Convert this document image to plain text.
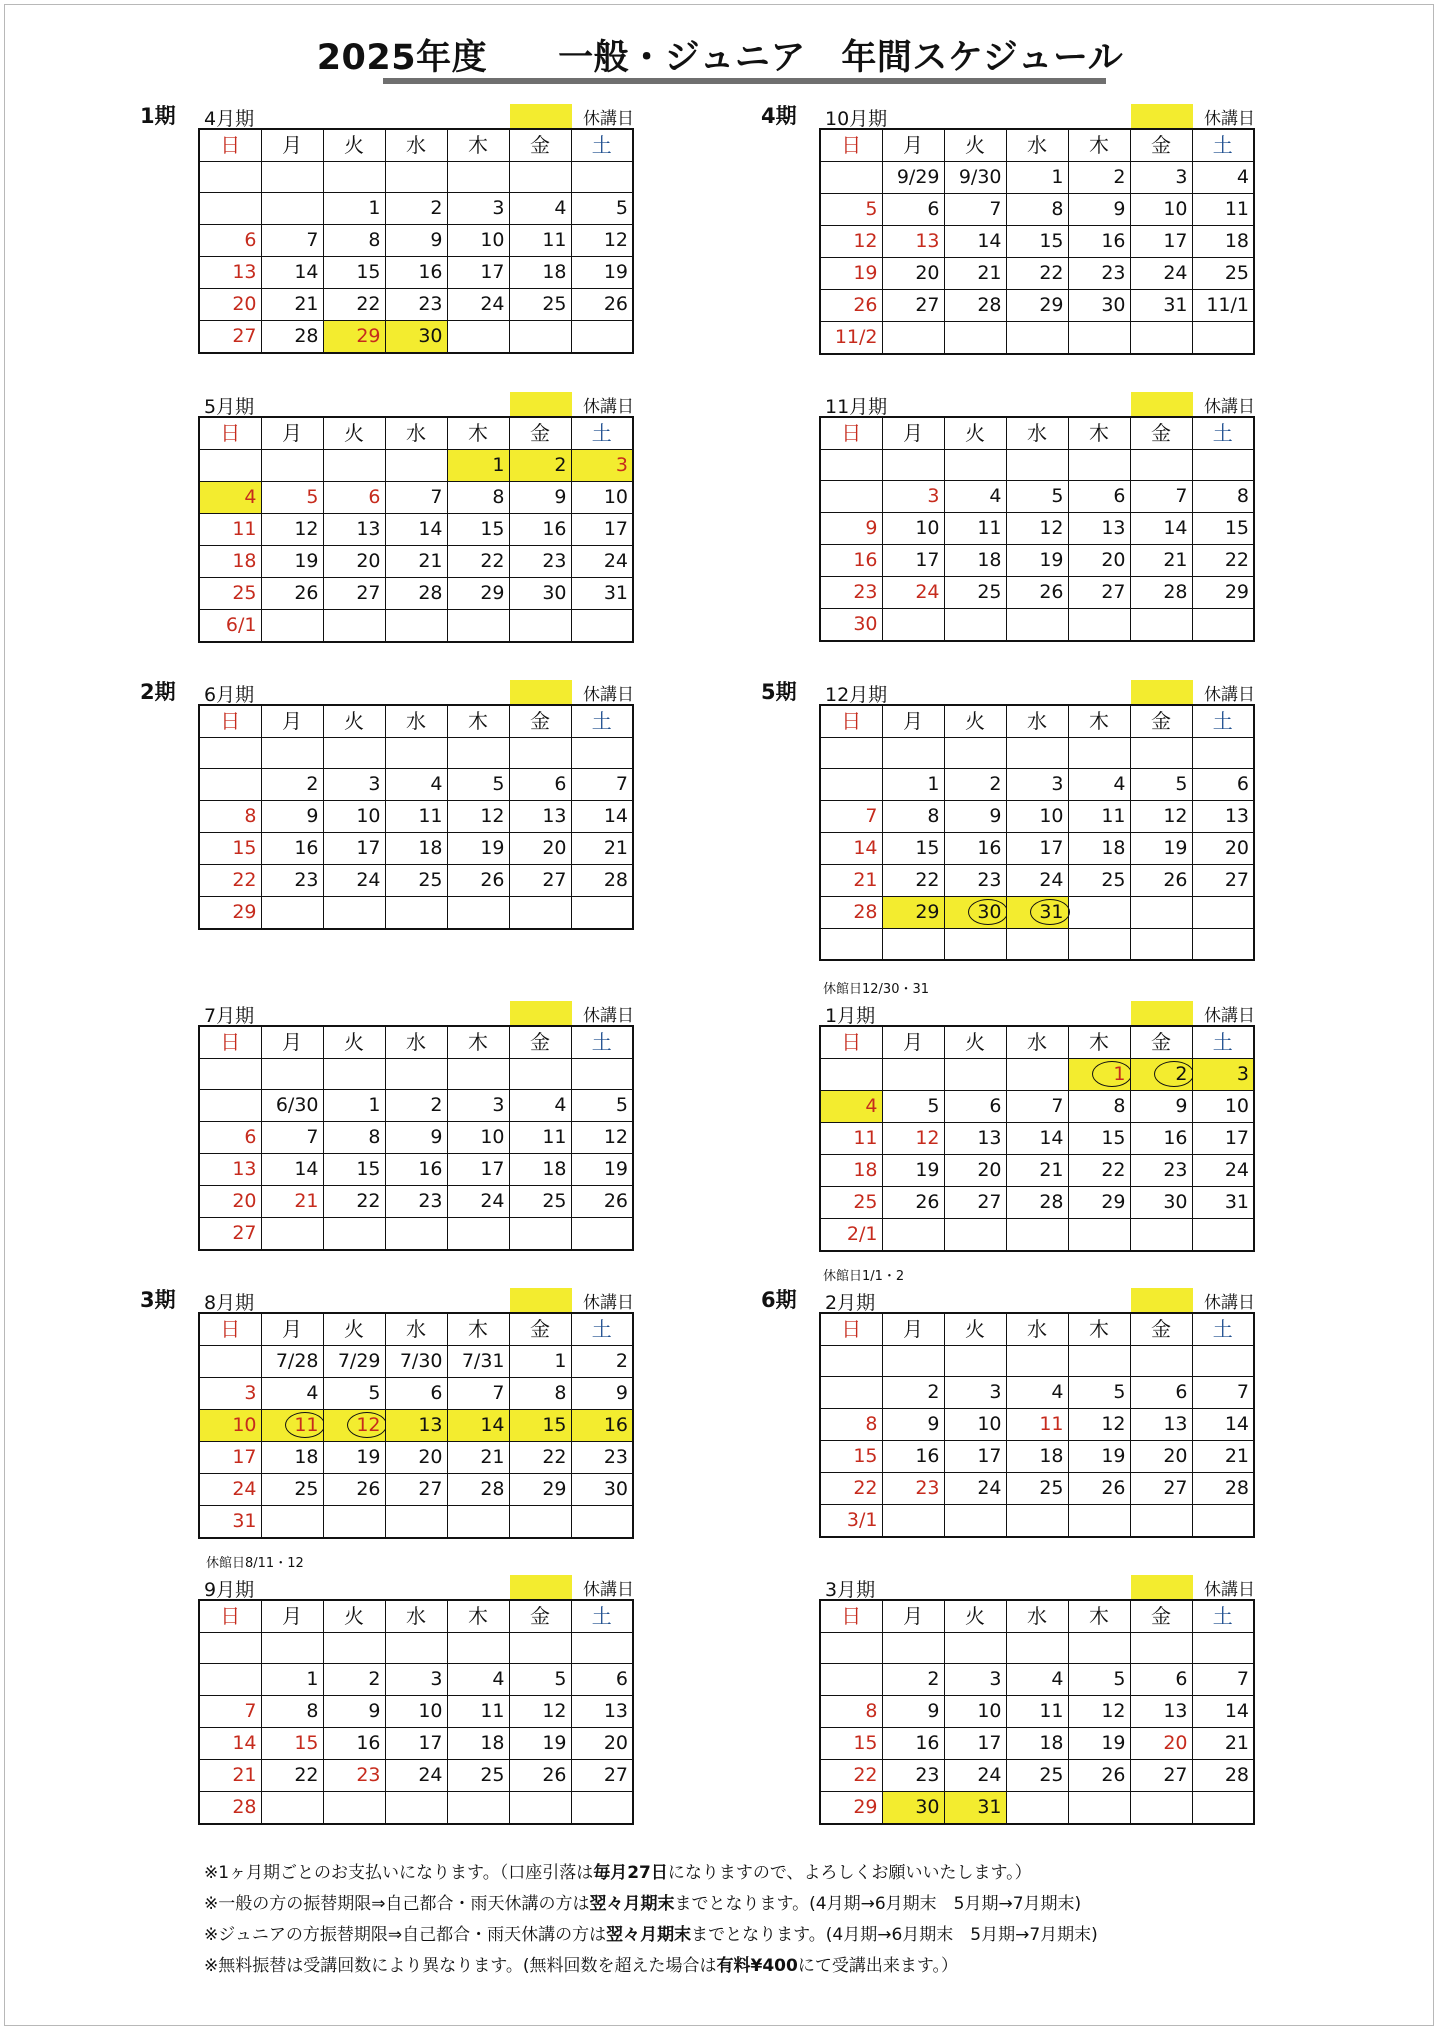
2025年度　　一般・ジュニア　年間スケジュール
1期 4月期	休講日
日	月	火	水	木	金	土

		1	2	3	4	5
6	7	8	9	10	11	12
13	14	15	16	17	18	19
20	21	22	23	24	25	26
27	28	29	30			
5月期	休講日
日	月	火	水	木	金	土
				1	2	3
4	5	6	7	8	9	10
11	12	13	14	15	16	17
18	19	20	21	22	23	24
25	26	27	28	29	30	31
6/1						
2期 6月期	休講日
日	月	火	水	木	金	土

	2	3	4	5	6	7
8	9	10	11	12	13	14
15	16	17	18	19	20	21
22	23	24	25	26	27	28
29						
7月期	休講日
日	月	火	水	木	金	土

	6/30	1	2	3	4	5
6	7	8	9	10	11	12
13	14	15	16	17	18	19
20	21	22	23	24	25	26
27						
3期 8月期	休講日
日	月	火	水	木	金	土
	7/28	7/29	7/30	7/31	1	2
3	4	5	6	7	8	9
10	11	12	13	14	15	16
17	18	19	20	21	22	23
24	25	26	27	28	29	30
31						
休館日8/11・12
9月期	休講日
日	月	火	水	木	金	土

	1	2	3	4	5	6
7	8	9	10	11	12	13
14	15	16	17	18	19	20
21	22	23	24	25	26	27
28						
4期 10月期	休講日
日	月	火	水	木	金	土
	9/29	9/30	1	2	3	4
5	6	7	8	9	10	11
12	13	14	15	16	17	18
19	20	21	22	23	24	25
26	27	28	29	30	31	11/1
11/2						
11月期	休講日
日	月	火	水	木	金	土

	3	4	5	6	7	8
9	10	11	12	13	14	15
16	17	18	19	20	21	22
23	24	25	26	27	28	29
30						
5期 12月期	休講日
日	月	火	水	木	金	土

	1	2	3	4	5	6
7	8	9	10	11	12	13
14	15	16	17	18	19	20
21	22	23	24	25	26	27
28	29	30	31

休館日12/30・31
1月期	休講日
日	月	火	水	木	金	土
				1	2	3
4	5	6	7	8	9	10
11	12	13	14	15	16	17
18	19	20	21	22	23	24
25	26	27	28	29	30	31
2/1						
休館日1/1・2
6期 2月期	休講日
日	月	火	水	木	金	土

	2	3	4	5	6	7
8	9	10	11	12	13	14
15	16	17	18	19	20	21
22	23	24	25	26	27	28
3/1						
3月期	休講日
日	月	火	水	木	金	土

	2	3	4	5	6	7
8	9	10	11	12	13	14
15	16	17	18	19	20	21
22	23	24	25	26	27	28
29	30	31				
※1ヶ月期ごとのお支払いになります。（口座引落は毎月27日になりますので、よろしくお願いいたします。）
※一般の方の振替期限⇒自己都合・雨天休講の方は翌々月期末までとなります。(4月期→6月期末　5月期→7月期末)
※ジュニアの方振替期限⇒自己都合・雨天休講の方は翌々月期末までとなります。(4月期→6月期末　5月期→7月期末)
※無料振替は受講回数により異なります。(無料回数を超えた場合は有料¥400にて受講出来ます。）
